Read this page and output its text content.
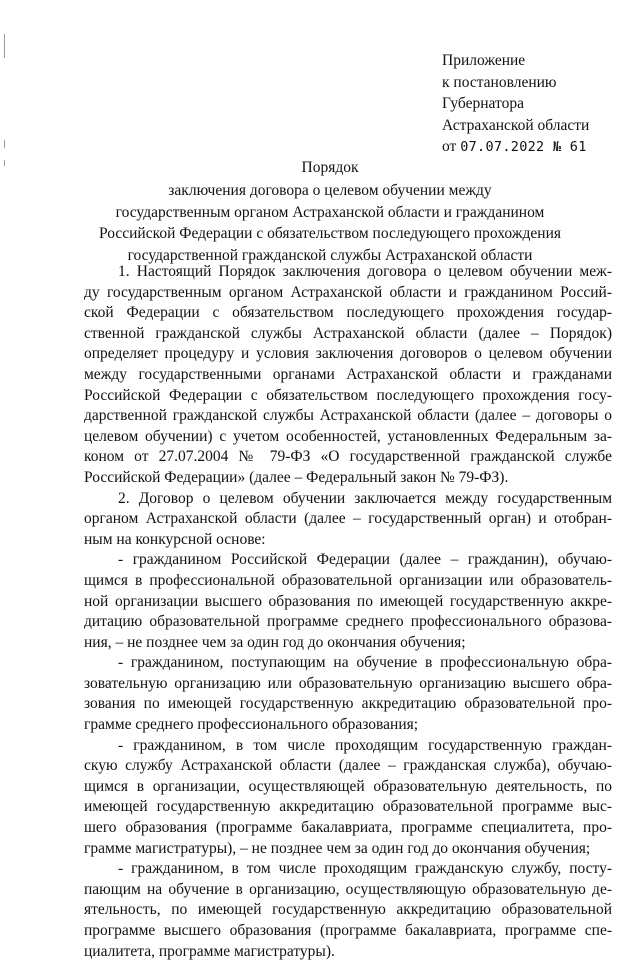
Приложение
к постановлению
Губернатора
Астраханской области
от 07.07.2022 № 61
Порядок
заключения договора о целевом обучении между
государственным органом Астраханской области и гражданином
Российской Федерации с обязательством последующего прохождения
государственной гражданской службы Астраханской области
1. Настоящий Порядок заключения договора о целевом обучении меж-
ду государственным органом Астраханской области и гражданином Россий-
ской Федерации с обязательством последующего прохождения государ-
ственной гражданской службы Астраханской области (далее – Порядок)
определяет процедуру и условия заключения договоров о целевом обучении
между государственными органами Астраханской области и гражданами
Российской Федерации с обязательством последующего прохождения госу-
дарственной гражданской службы Астраханской области (далее – договоры о
целевом обучении) с учетом особенностей, установленных Федеральным за-
коном от 27.07.2004 № 79-ФЗ «О государственной гражданской службе
Российской Федерации» (далее – Федеральный закон № 79-ФЗ).
2. Договор о целевом обучении заключается между государственным
органом Астраханской области (далее – государственный орган) и отобран-
ным на конкурсной основе:
- гражданином Российской Федерации (далее – гражданин), обучаю-
щимся в профессиональной образовательной организации или образователь-
ной организации высшего образования по имеющей государственную аккре-
дитацию образовательной программе среднего профессионального образова-
ния, – не позднее чем за один год до окончания обучения;
- гражданином, поступающим на обучение в профессиональную обра-
зовательную организацию или образовательную организацию высшего обра-
зования по имеющей государственную аккредитацию образовательной про-
грамме среднего профессионального образования;
- гражданином, в том числе проходящим государственную граждан-
скую службу Астраханской области (далее – гражданская служба), обучаю-
щимся в организации, осуществляющей образовательную деятельность, по
имеющей государственную аккредитацию образовательной программе выс-
шего образования (программе бакалавриата, программе специалитета, про-
грамме магистратуры), – не позднее чем за один год до окончания обучения;
- гражданином, в том числе проходящим гражданскую службу, посту-
пающим на обучение в организацию, осуществляющую образовательную де-
ятельность, по имеющей государственную аккредитацию образовательной
программе высшего образования (программе бакалавриата, программе спе-
циалитета, программе магистратуры).
